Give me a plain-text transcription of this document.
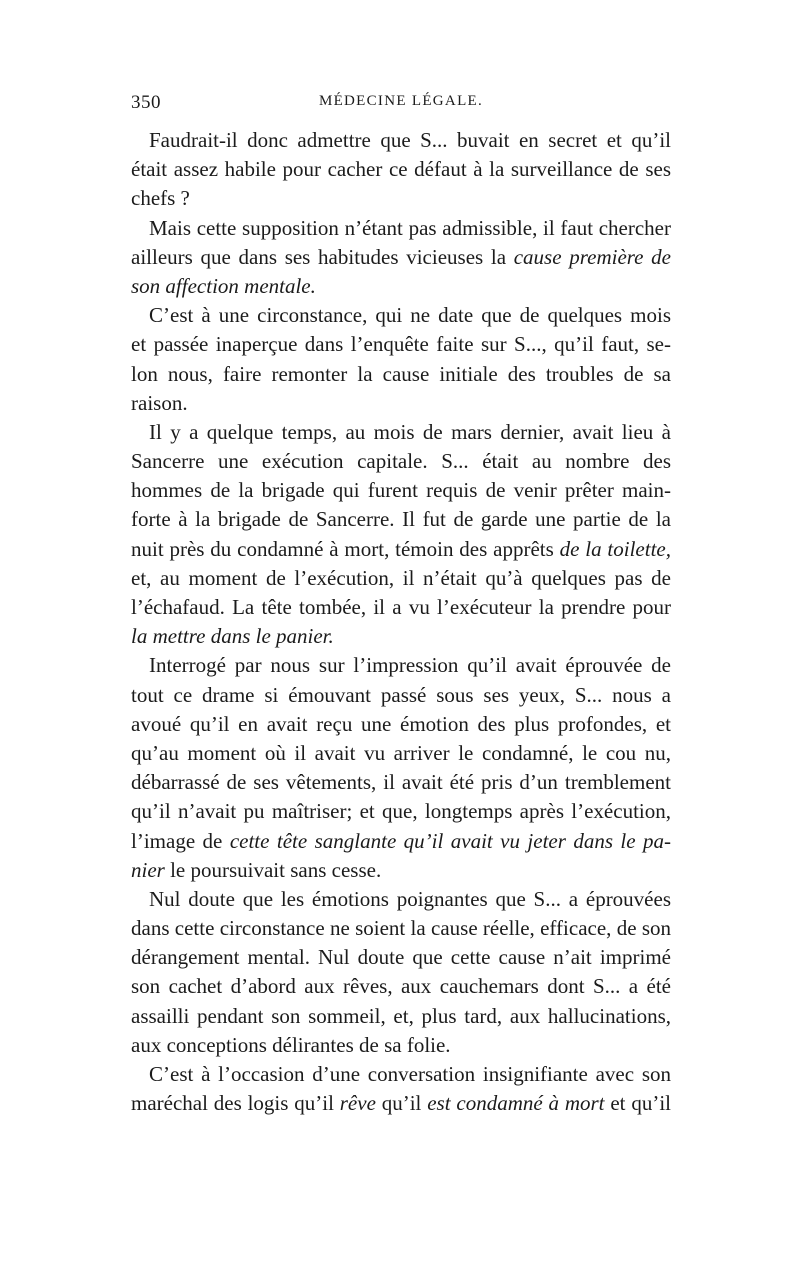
350	MÉDECINE LÉGALE.
Faudrait-il donc admettre que S... buvait en secret et qu’il
était assez habile pour cacher ce défaut à la surveillance de ses
chefs ?
Mais cette supposition n’étant pas admissible, il faut chercher
ailleurs que dans ses habitudes vicieuses la cause première de
son affection mentale.
C’est à une circonstance, qui ne date que de quelques mois
et passée inaperçue dans l’enquête faite sur S..., qu’il faut, se-
lon nous, faire remonter la cause initiale des troubles de sa
raison.
Il y a quelque temps, au mois de mars dernier, avait lieu à
Sancerre une exécution capitale. S... était au nombre des
hommes de la brigade qui furent requis de venir prêter main-
forte à la brigade de Sancerre. Il fut de garde une partie de la
nuit près du condamné à mort, témoin des apprêts de la toilette,
et, au moment de l’exécution, il n’était qu’à quelques pas de
l’échafaud. La tête tombée, il a vu l’exécuteur la prendre pour
la mettre dans le panier.
Interrogé par nous sur l’impression qu’il avait éprouvée de
tout ce drame si émouvant passé sous ses yeux, S... nous a
avoué qu’il en avait reçu une émotion des plus profondes, et
qu’au moment où il avait vu arriver le condamné, le cou nu,
débarrassé de ses vêtements, il avait été pris d’un tremblement
qu’il n’avait pu maîtriser; et que, longtemps après l’exécution,
l’image de cette tête sanglante qu’il avait vu jeter dans le pa-
nier le poursuivait sans cesse.
Nul doute que les émotions poignantes que S... a éprouvées
dans cette circonstance ne soient la cause réelle, efficace, de son
dérangement mental. Nul doute que cette cause n’ait imprimé
son cachet d’abord aux rêves, aux cauchemars dont S... a été
assailli pendant son sommeil, et, plus tard, aux hallucinations,
aux conceptions délirantes de sa folie.
C’est à l’occasion d’une conversation insignifiante avec son
maréchal des logis qu’il rêve qu’il est condamné à mort et qu’il
